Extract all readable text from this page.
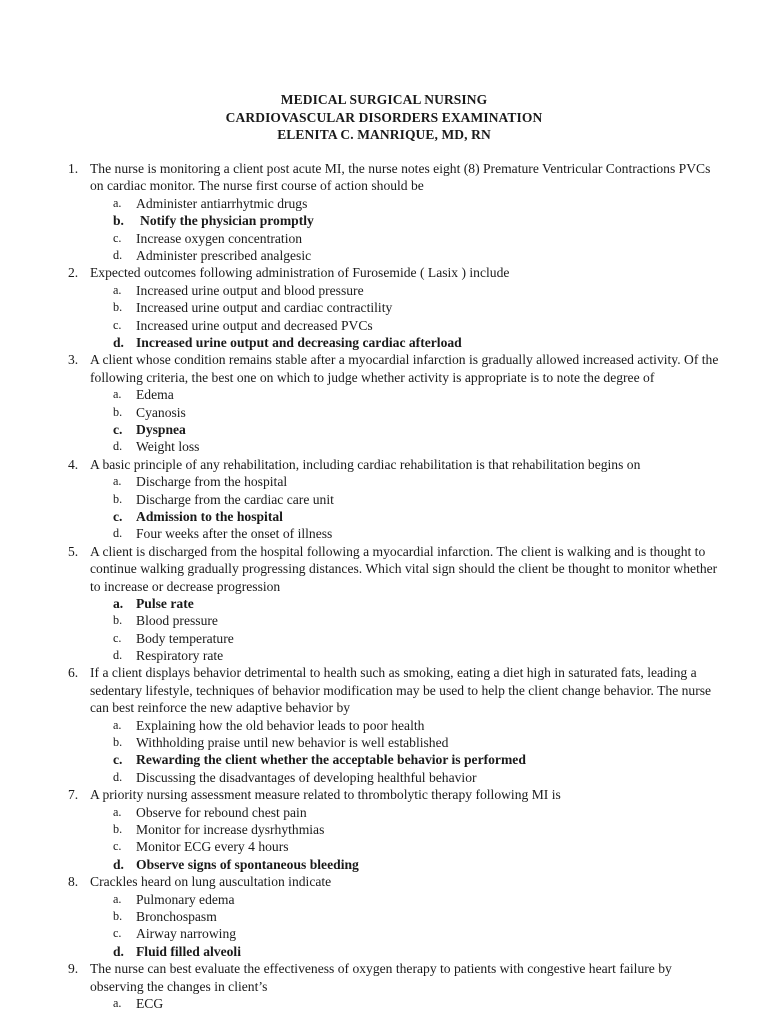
MEDICAL SURGICAL NURSING
CARDIOVASCULAR DISORDERS EXAMINATION
ELENITA C. MANRIQUE, MD, RN
1. The nurse is monitoring a client post acute MI, the nurse notes eight (8) Premature Ventricular Contractions PVCs on cardiac monitor. The nurse first course of action should be
a. Administer antiarrhytmic drugs
b. Notify the physician promptly
c. Increase oxygen concentration
d. Administer prescribed analgesic
2. Expected outcomes following administration of Furosemide ( Lasix ) include
a. Increased urine output and blood pressure
b. Increased urine output and cardiac contractility
c. Increased urine output and decreased PVCs
d. Increased urine output and decreasing cardiac afterload
3. A client whose condition remains stable after a myocardial infarction is gradually allowed increased activity. Of the following criteria, the best one on which to judge whether activity is appropriate is to note the degree of
a. Edema
b. Cyanosis
c. Dyspnea
d. Weight loss
4. A basic principle of any rehabilitation, including cardiac rehabilitation is that rehabilitation begins on
a. Discharge from the hospital
b. Discharge from the cardiac care unit
c. Admission to the hospital
d. Four weeks after the onset of illness
5. A client is discharged from the hospital following a myocardial infarction. The client is walking and is thought to continue walking gradually progressing distances. Which vital sign should the client be thought to monitor whether to increase or decrease progression
a. Pulse rate
b. Blood pressure
c. Body temperature
d. Respiratory rate
6. If a client displays behavior detrimental to health such as smoking, eating a diet high in saturated fats, leading a sedentary lifestyle, techniques of behavior modification may be used to help the client change behavior. The nurse can best reinforce the new adaptive behavior by
a. Explaining how the old behavior leads to poor health
b. Withholding praise until new behavior is well established
c. Rewarding the client whether the acceptable behavior is performed
d. Discussing the disadvantages of developing healthful behavior
7. A priority nursing assessment measure related to thrombolytic therapy following MI is
a. Observe for rebound chest pain
b. Monitor for increase dysrhythmias
c. Monitor ECG every 4 hours
d. Observe signs of spontaneous bleeding
8. Crackles heard on lung auscultation indicate
a. Pulmonary edema
b. Bronchospasm
c. Airway narrowing
d. Fluid filled alveoli
9. The nurse can best evaluate the effectiveness of oxygen therapy to patients with congestive heart failure by observing the changes in client’s
a. ECG
